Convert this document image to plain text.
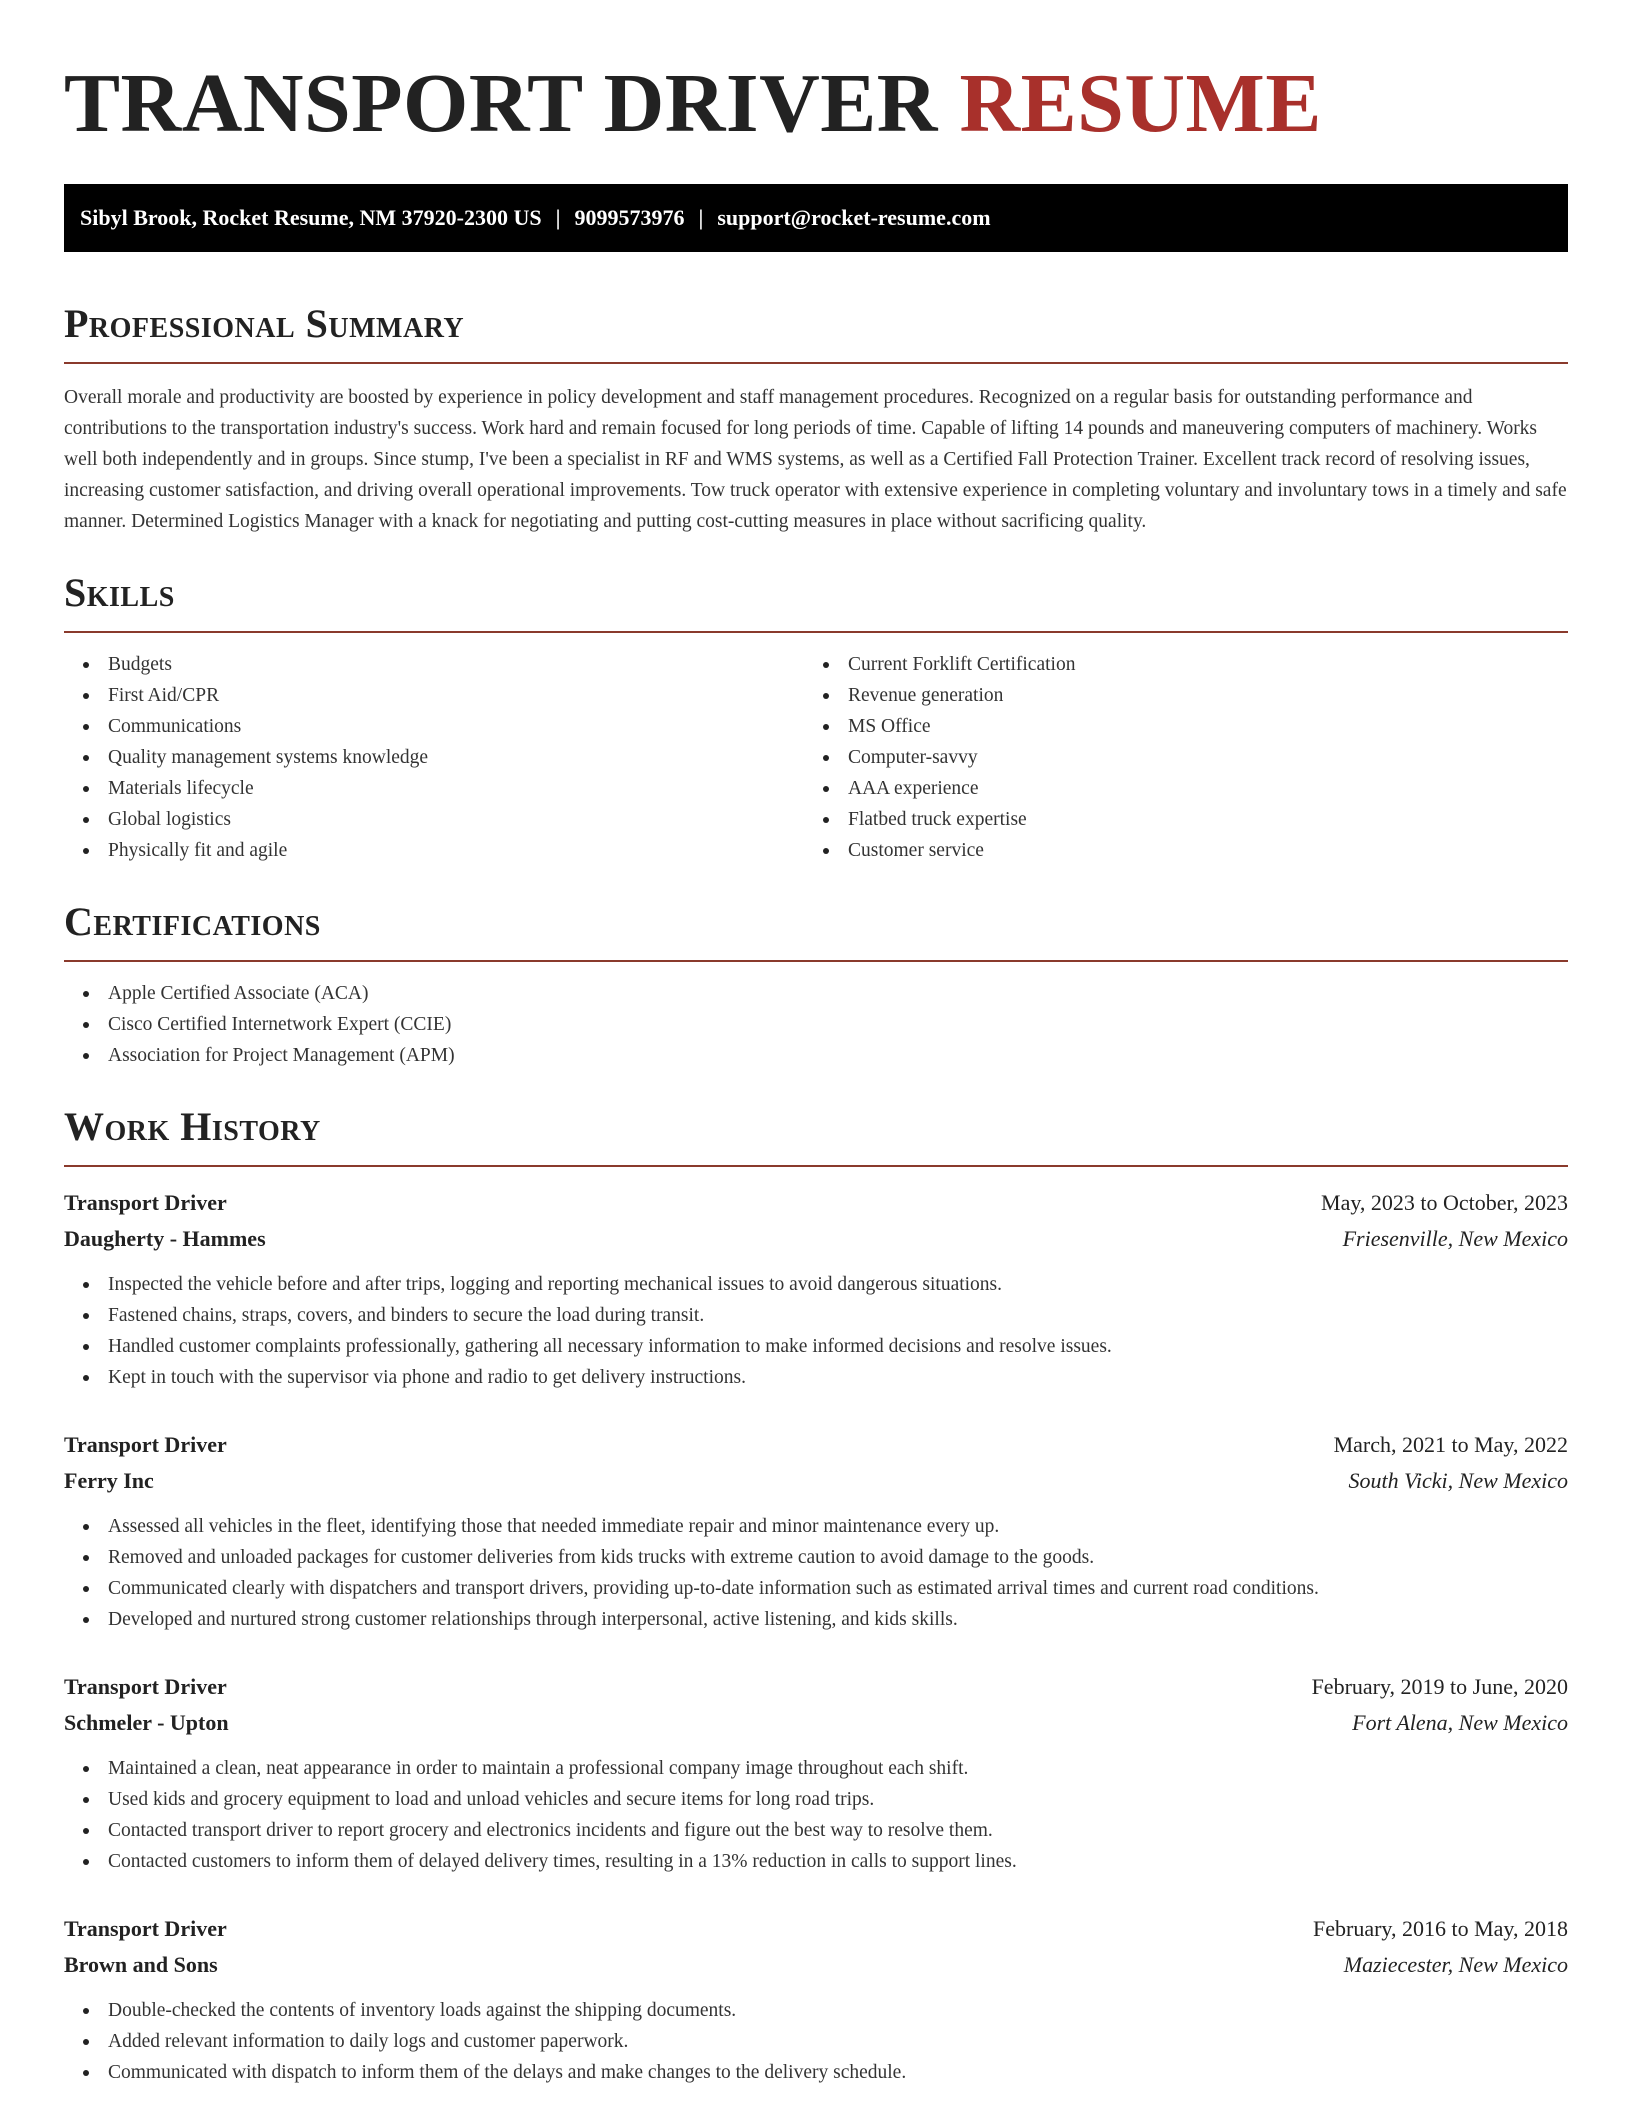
TRANSPORT DRIVER RESUME
Sibyl Brook, Rocket Resume, NM 37920-2300 US | 9099573976 | support@rocket-resume.com
Professional Summary

Overall morale and productivity are boosted by experience in policy development and staff management procedures. Recognized on a regular basis for outstanding performance and contributions to the transportation industry's success. Work hard and remain focused for long periods of time. Capable of lifting 14 pounds and maneuvering computers of machinery. Works well both independently and in groups. Since stump, I've been a specialist in RF and WMS systems, as well as a Certified Fall Protection Trainer. Excellent track record of resolving issues, increasing customer satisfaction, and driving overall operational improvements. Tow truck operator with extensive experience in completing voluntary and involuntary tows in a timely and safe manner. Determined Logistics Manager with a knack for negotiating and putting cost-cutting measures in place without sacrificing quality.

Skills
Budgets
First Aid/CPR
Communications
Quality management systems knowledge
Materials lifecycle
Global logistics
Physically fit and agile
Current Forklift Certification
Revenue generation
MS Office
Computer-savvy
AAA experience
Flatbed truck expertise
Customer service
Certifications
Apple Certified Associate (ACA)
Cisco Certified Internetwork Expert (CCIE)
Association for Project Management (APM)
Work History
Transport Driver	May, 2023 to October, 2023
Daugherty - Hammes	Friesenville, New Mexico
Inspected the vehicle before and after trips, logging and reporting mechanical issues to avoid dangerous situations.
Fastened chains, straps, covers, and binders to secure the load during transit.
Handled customer complaints professionally, gathering all necessary information to make informed decisions and resolve issues.
Kept in touch with the supervisor via phone and radio to get delivery instructions.
Transport Driver	March, 2021 to May, 2022
Ferry Inc	South Vicki, New Mexico
Assessed all vehicles in the fleet, identifying those that needed immediate repair and minor maintenance every up.
Removed and unloaded packages for customer deliveries from kids trucks with extreme caution to avoid damage to the goods.
Communicated clearly with dispatchers and transport drivers, providing up-to-date information such as estimated arrival times and current road conditions.
Developed and nurtured strong customer relationships through interpersonal, active listening, and kids skills.
Transport Driver	February, 2019 to June, 2020
Schmeler - Upton	Fort Alena, New Mexico
Maintained a clean, neat appearance in order to maintain a professional company image throughout each shift.
Used kids and grocery equipment to load and unload vehicles and secure items for long road trips.
Contacted transport driver to report grocery and electronics incidents and figure out the best way to resolve them.
Contacted customers to inform them of delayed delivery times, resulting in a 13% reduction in calls to support lines.
Transport Driver	February, 2016 to May, 2018
Brown and Sons	Maziecester, New Mexico
Double-checked the contents of inventory loads against the shipping documents.
Added relevant information to daily logs and customer paperwork.
Communicated with dispatch to inform them of the delays and make changes to the delivery schedule.
